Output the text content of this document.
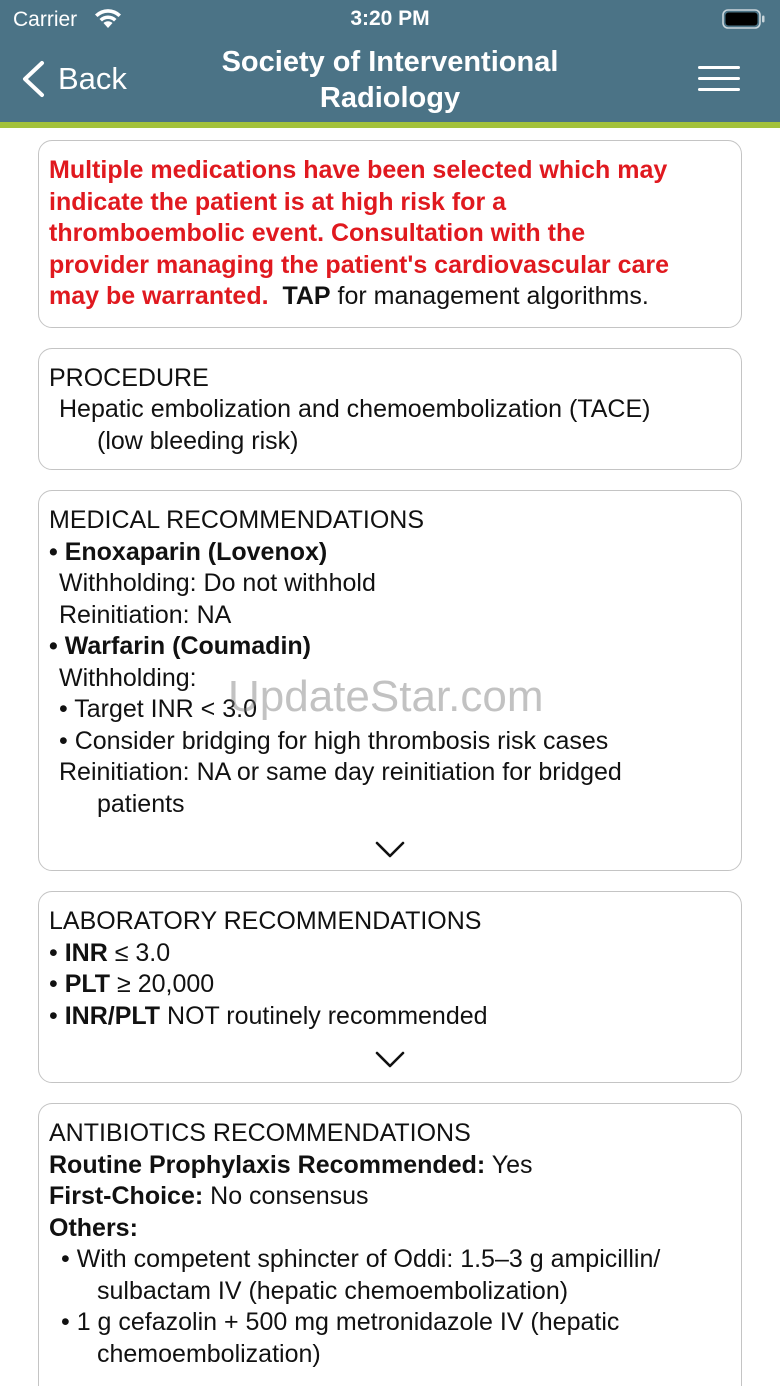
Carrier	3:20 PM
Back	Society of Interventional
Radiology
Multiple medications have been selected which may
indicate the patient is at high risk for a
thromboembolic event. Consultation with the
provider managing the patient's cardiovascular care
may be warranted. TAP for management algorithms.
PROCEDURE
Hepatic embolization and chemoembolization (TACE)
(low bleeding risk)
MEDICAL RECOMMENDATIONS
• Enoxaparin (Lovenox)
Withholding: Do not withhold
Reinitiation: NA
• Warfarin (Coumadin)
Withholding:
• Target INR < 3.0
• Consider bridging for high thrombosis risk cases
Reinitiation: NA or same day reinitiation for bridged
patients
LABORATORY RECOMMENDATIONS
• INR ≤ 3.0
• PLT ≥ 20,000
• INR/PLT NOT routinely recommended
ANTIBIOTICS RECOMMENDATIONS
Routine Prophylaxis Recommended: Yes
First-Choice: No consensus
Others:
• With competent sphincter of Oddi: 1.5–3 g ampicillin/
sulbactam IV (hepatic chemoembolization)
• 1 g cefazolin + 500 mg metronidazole IV (hepatic
chemoembolization)
UpdateStar.com
